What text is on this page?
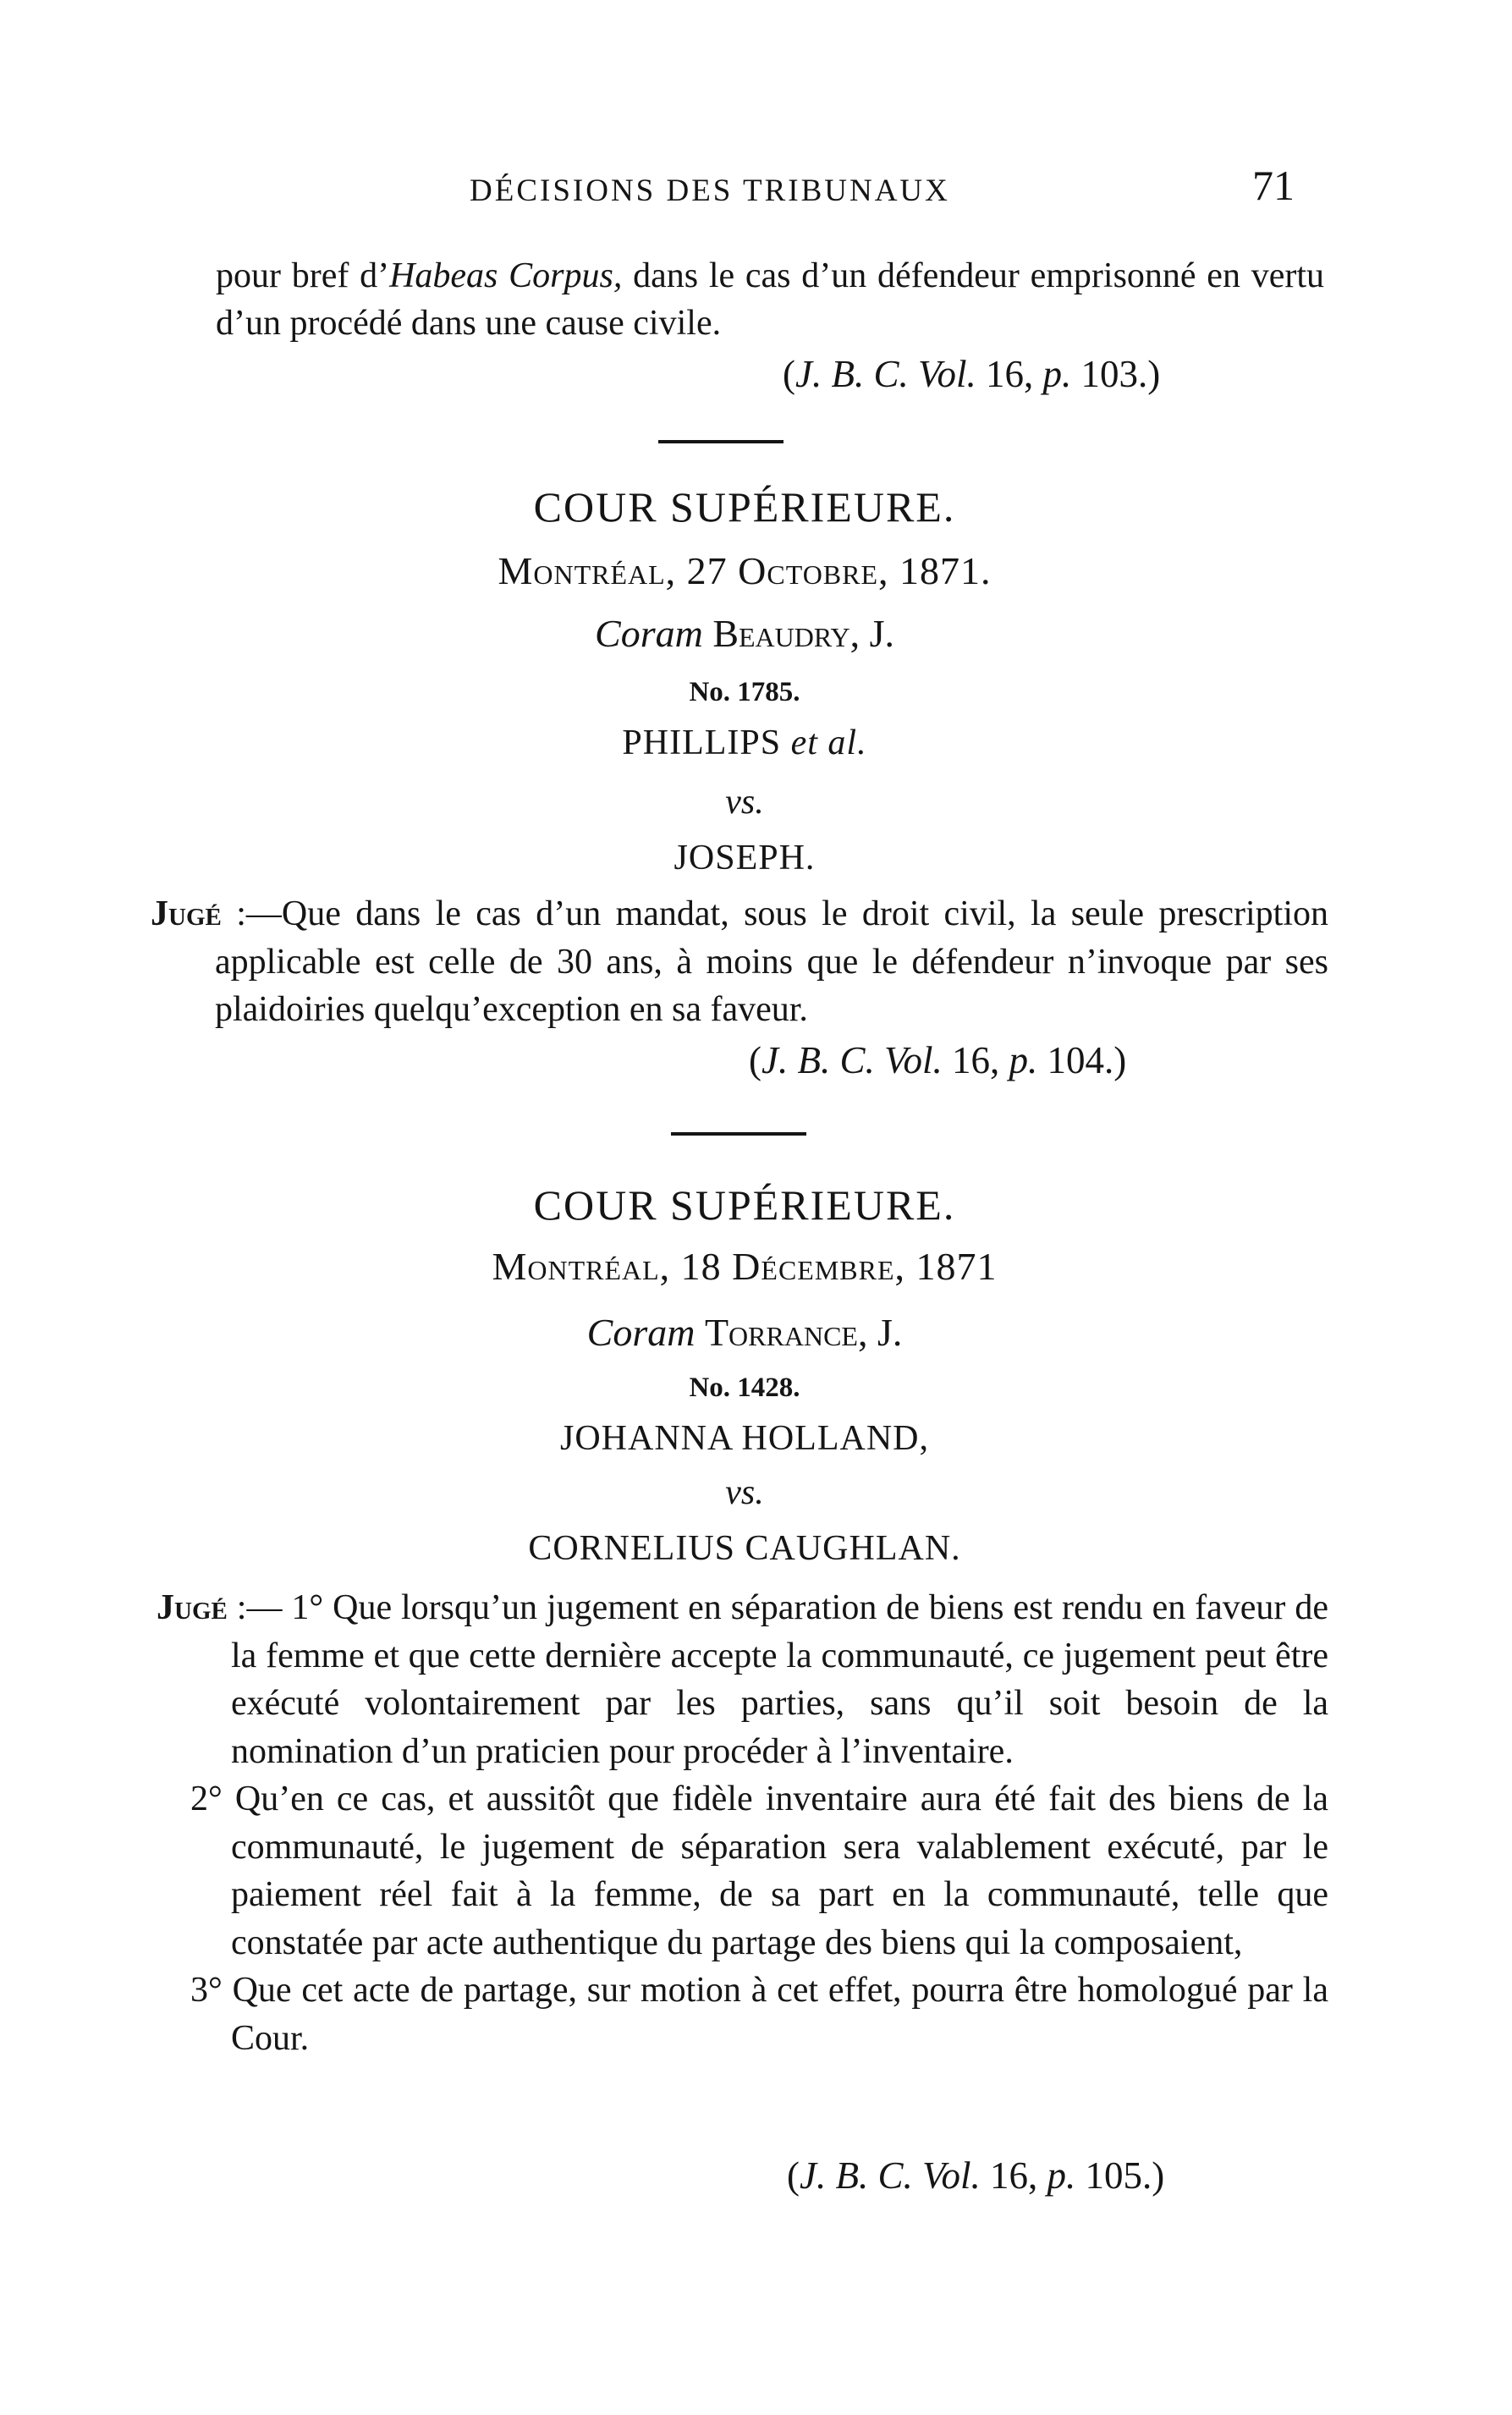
DÉCISIONS DES TRIBUNAUX	71
pour bref d’Habeas Corpus, dans le cas d’un défendeur emprisonné en vertu d’un procédé dans une cause civile.
(J. B. C. Vol. 16, p. 103.)
COUR SUPÉRIEURE.
Montréal, 27 Octobre, 1871.
Coram Beaudry, J.
No. 1785.
PHILLIPS et al.
vs.
JOSEPH.
Jugé :—Que dans le cas d’un mandat, sous le droit civil, la seule prescription applicable est celle de 30 ans, à moins que le défendeur n’invoque par ses plaidoiries quelqu’exception en sa faveur.
(J. B. C. Vol. 16, p. 104.)
COUR SUPÉRIEURE.
Montréal, 18 Décembre, 1871
Coram Torrance, J.
No. 1428.
JOHANNA HOLLAND,
vs.
CORNELIUS CAUGHLAN.
Jugé :— 1° Que lorsqu’un jugement en séparation de biens est rendu en faveur de la femme et que cette dernière accepte la communauté, ce jugement peut être exécuté volontairement par les parties, sans qu’il soit besoin de la nomination d’un praticien pour procéder à l’inventaire.
2° Qu’en ce cas, et aussitôt que fidèle inventaire aura été fait des biens de la communauté, le jugement de séparation sera valablement exécuté, par le paiement réel fait à la femme, de sa part en la communauté, telle que constatée par acte authentique du partage des biens qui la composaient,
3° Que cet acte de partage, sur motion à cet effet, pourra être homologué par la Cour.
(J. B. C. Vol. 16, p. 105.)
